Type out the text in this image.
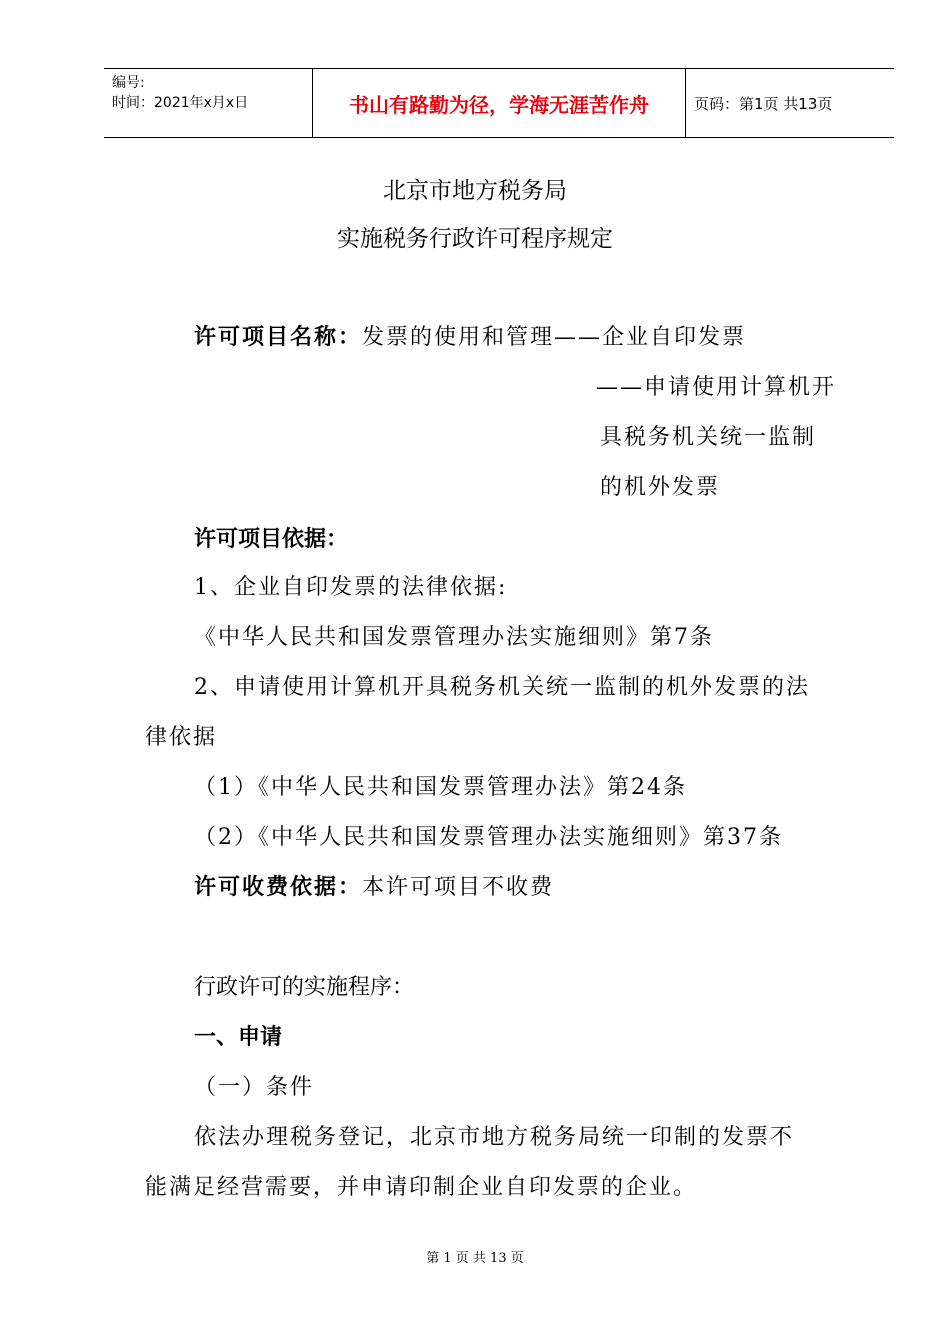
编号:
时间：2021年x月x日	书山有路勤为径，学海无涯苦作舟	页码：第1页 共13页
北京市地方税务局
实施税务行政许可程序规定
许可项目名称：发票的使用和管理——企业自印发票
——申请使用计算机开
具税务机关统一监制
的机外发票
许可项目依据：
1、企业自印发票的法律依据:
《中华人民共和国发票管理办法实施细则》第7条
2、申请使用计算机开具税务机关统一监制的机外发票的法
律依据
（1）《中华人民共和国发票管理办法》第24条
（2）《中华人民共和国发票管理办法实施细则》第37条
许可收费依据：本许可项目不收费
行政许可的实施程序：
一、申请
（一）条件
依法办理税务登记，北京市地方税务局统一印制的发票不
能满足经营需要，并申请印制企业自印发票的企业。
第 1 页 共 13 页
